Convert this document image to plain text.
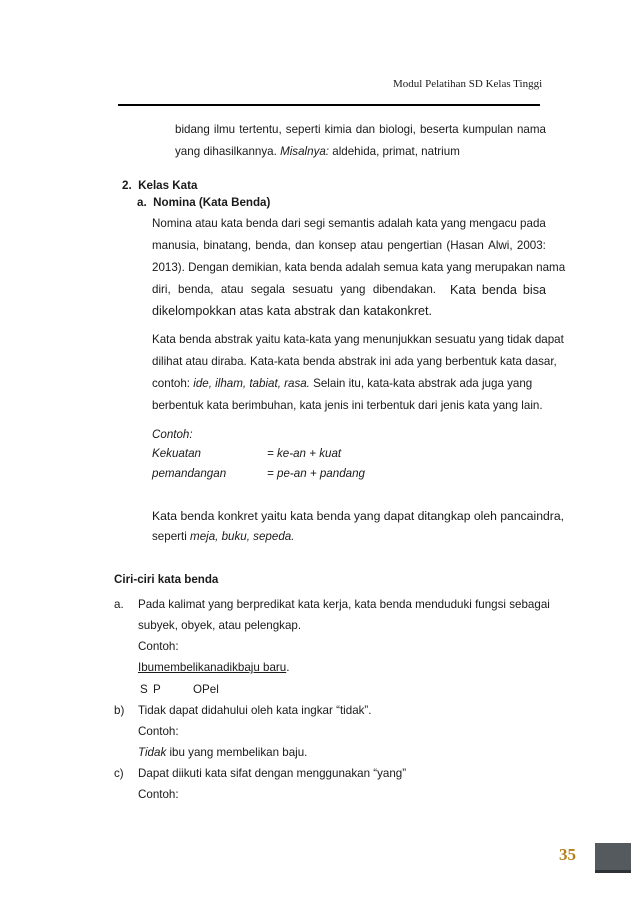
Modul Pelatihan SD Kelas Tinggi
bidang ilmu tertentu, seperti kimia dan biologi, beserta kumpulan nama
yang dihasilkannya. Misalnya: aldehida, primat, natrium
2. Kelas Kata
a. Nomina (Kata Benda)
Nomina atau kata benda dari segi semantis adalah kata yang mengacu pada
manusia, binatang, benda, dan konsep atau pengertian (Hasan Alwi, 2003:
2013). Dengan demikian, kata benda adalah semua kata yang merupakan nama
diri, benda, atau segala sesuatu yang dibendakan. Kata benda bisa
dikelompokkan atas kata abstrak dan katakonkret.
Kata benda abstrak yaitu kata-kata yang menunjukkan sesuatu yang tidak dapat
dilihat atau diraba. Kata-kata benda abstrak ini ada yang berbentuk kata dasar,
contoh: ide, ilham, tabiat, rasa. Selain itu, kata-kata abstrak ada juga yang
berbentuk kata berimbuhan, kata jenis ini terbentuk dari jenis kata yang lain.
Contoh:
Kekuatan	= ke-an + kuat
pemandangan	= pe-an + pandang
Kata benda konkret yaitu kata benda yang dapat ditangkap oleh pancaindra,
seperti meja, buku, sepeda.
Ciri-ciri kata benda
a. Pada kalimat yang berpredikat kata kerja, kata benda menduduki fungsi sebagai
subyek, obyek, atau pelengkap.
Contoh:
Ibumembelikanadikbaju baru.
S P	OPel
b) Tidak dapat didahului oleh kata ingkar “tidak”.
Contoh:
Tidak ibu yang membelikan baju.
c) Dapat diikuti kata sifat dengan menggunakan “yang”
Contoh:
35
